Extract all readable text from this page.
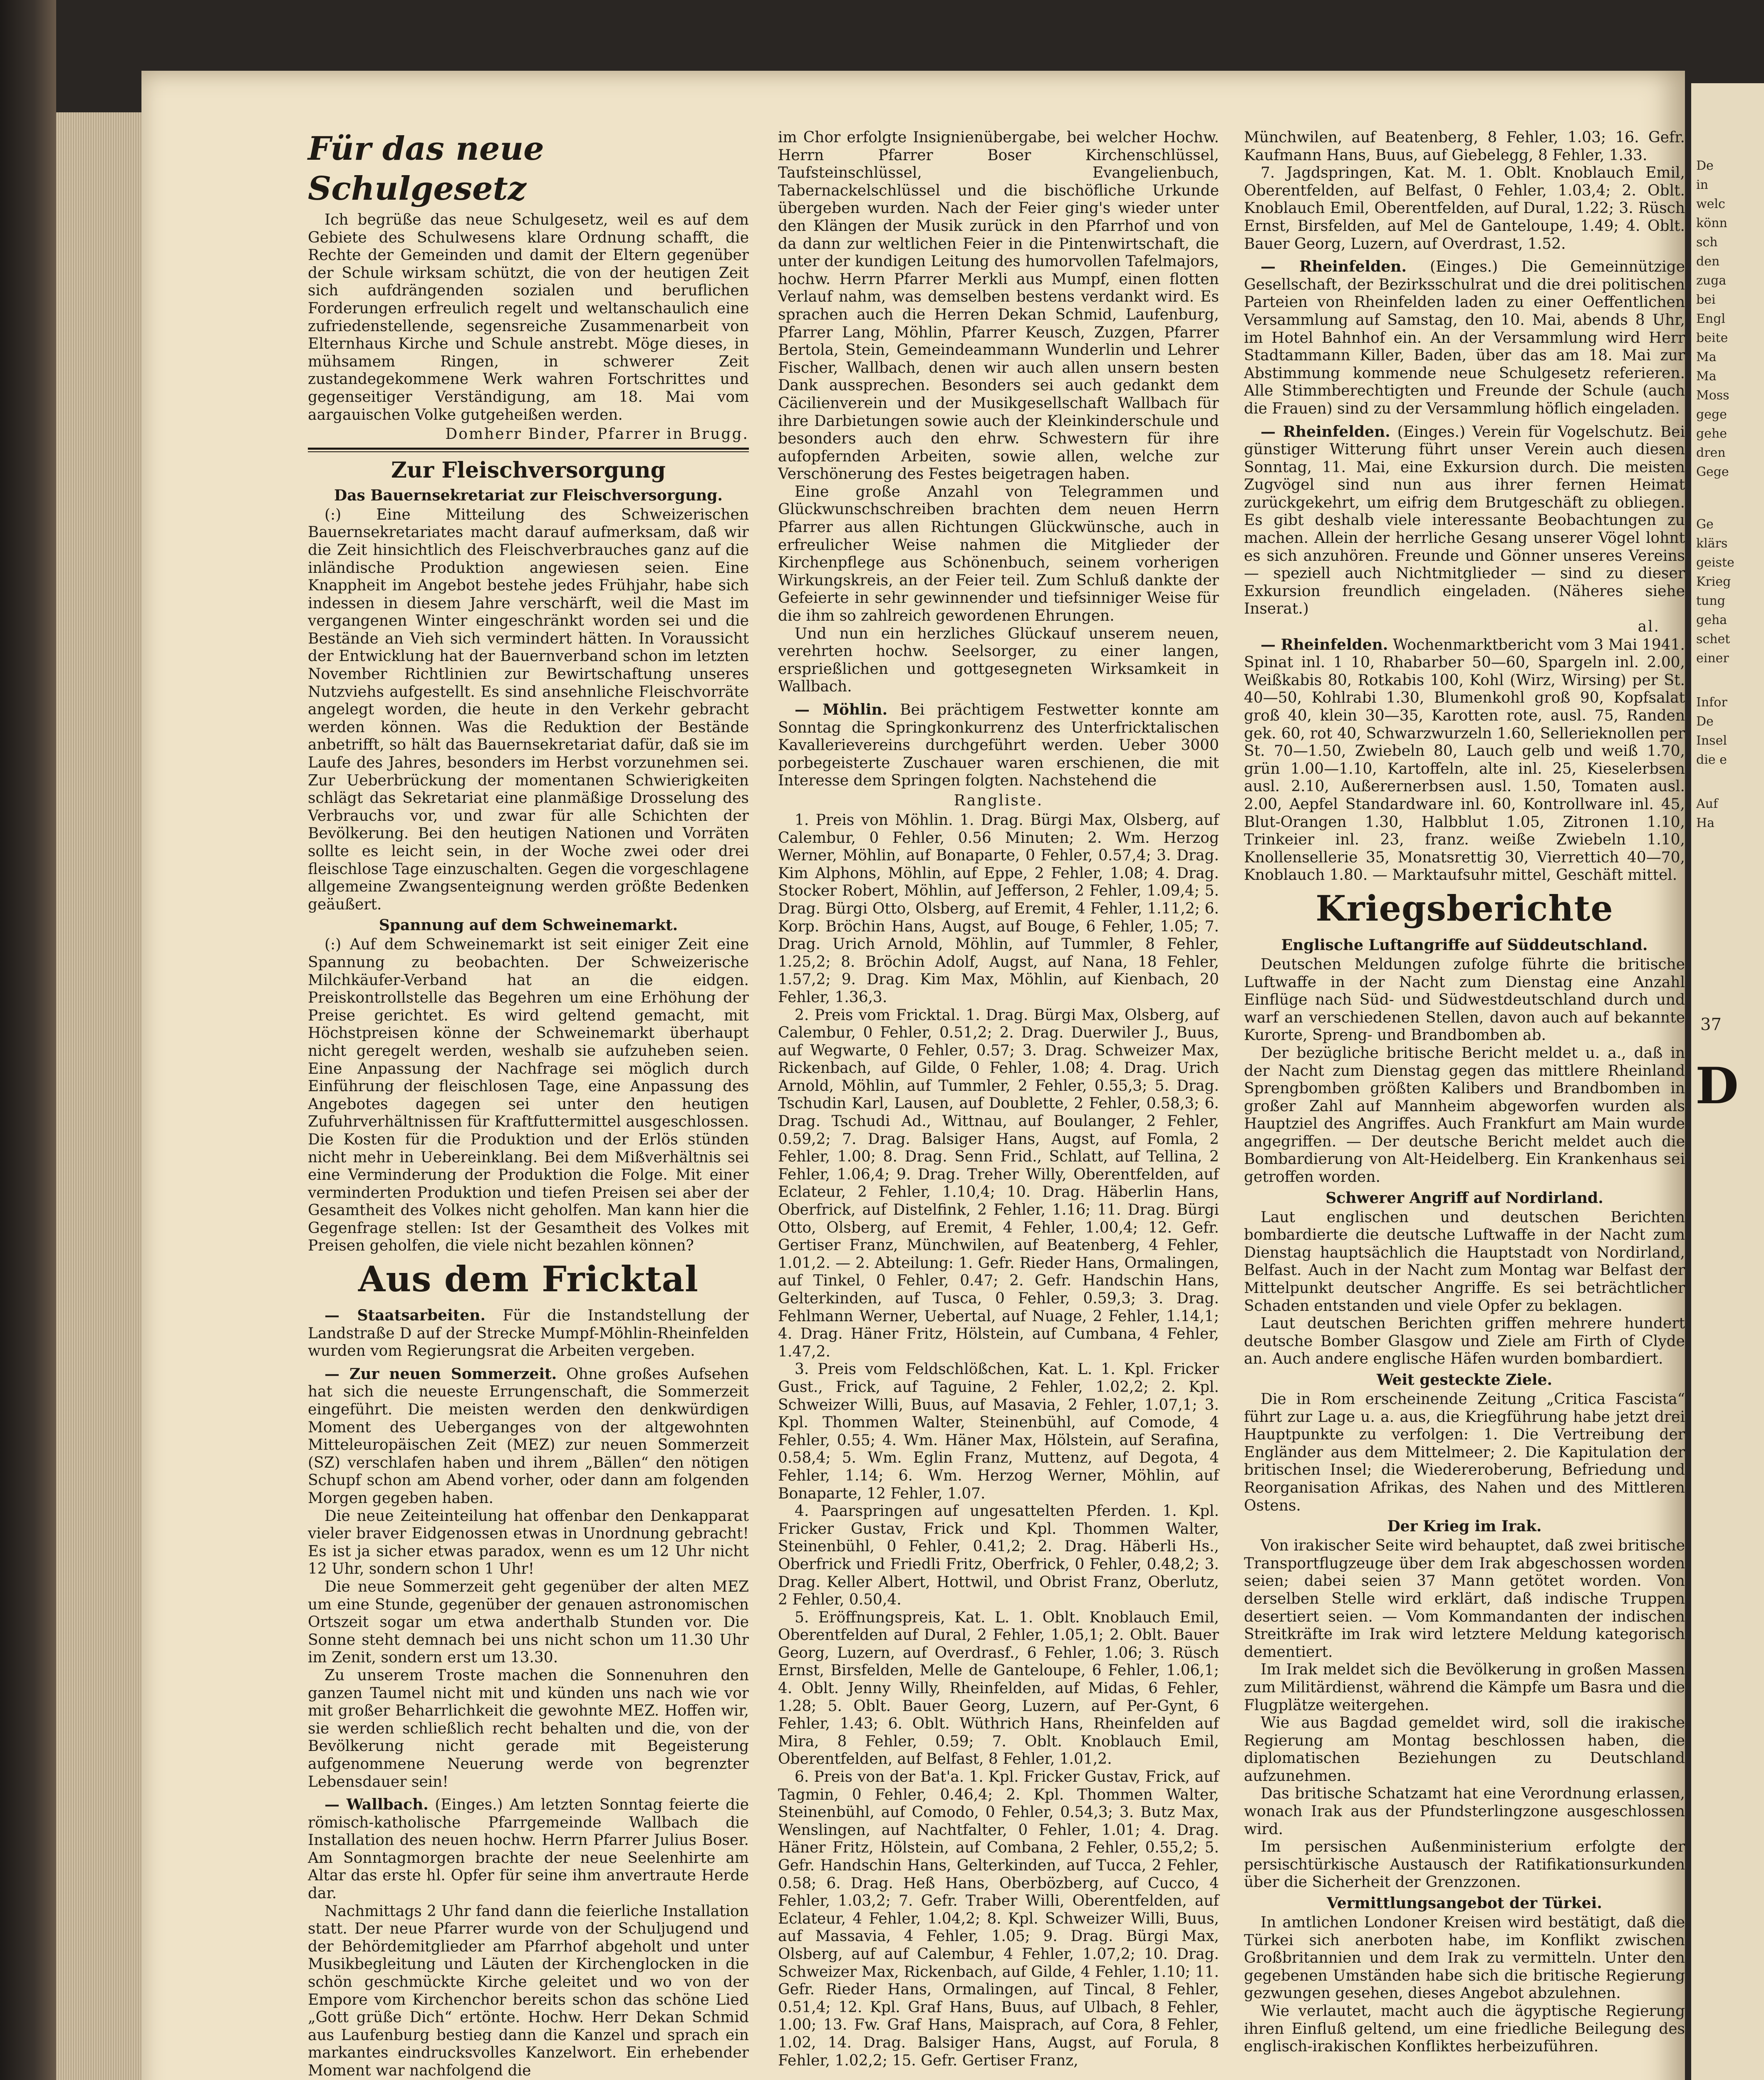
Für das neue Schulgesetz

Ich begrüße das neue Schulgesetz, weil es auf dem Gebiete des Schulwesens klare Ordnung schafft, die Rechte der Gemeinden und damit der Eltern gegenüber der Schule wirksam schützt, die von der heutigen Zeit sich aufdrängenden sozialen und beruflichen Forderungen erfreulich regelt und weltanschaulich eine zufriedenstellende, segensreiche Zusammenarbeit von Elternhaus Kirche und Schule anstrebt. Möge dieses, in mühsamem Ringen, in schwerer Zeit zustandegekommene Werk wahren Fortschrittes und gegenseitiger Verständigung, am 18. Mai vom aargauischen Volke gutgeheißen werden.

Domherr Binder, Pfarrer in Brugg.
Zur Fleischversorgung
Das Bauernsekretariat zur Fleischversorgung.

(:) Eine Mitteilung des Schweizerischen Bauernsekretariates macht darauf aufmerksam, daß wir die Zeit hinsichtlich des Fleischverbrauches ganz auf die inländische Produktion angewiesen seien. Eine Knappheit im Angebot bestehe jedes Frühjahr, habe sich indessen in diesem Jahre verschärft, weil die Mast im vergangenen Winter eingeschränkt worden sei und die Bestände an Vieh sich vermindert hätten. In Voraussicht der Entwicklung hat der Bauernverband schon im letzten November Richtlinien zur Bewirtschaftung unseres Nutzviehs aufgestellt. Es sind ansehnliche Fleischvorräte angelegt worden, die heute in den Verkehr gebracht werden können. Was die Reduktion der Bestände anbetrifft, so hält das Bauernsekretariat dafür, daß sie im Laufe des Jahres, besonders im Herbst vorzunehmen sei. Zur Ueberbrückung der momentanen Schwierigkeiten schlägt das Sekretariat eine planmäßige Drosselung des Verbrauchs vor, und zwar für alle Schichten der Bevölkerung. Bei den heutigen Nationen und Vorräten sollte es leicht sein, in der Woche zwei oder drei fleischlose Tage einzuschalten. Gegen die vorgeschlagene allgemeine Zwangsenteignung werden größte Bedenken geäußert.

Spannung auf dem Schweinemarkt.

(:) Auf dem Schweinemarkt ist seit einiger Zeit eine Spannung zu beobachten. Der Schweizerische Milchkäufer-Verband hat an die eidgen. Preiskontrollstelle das Begehren um eine Erhöhung der Preise gerichtet. Es wird geltend gemacht, mit Höchstpreisen könne der Schweinemarkt überhaupt nicht geregelt werden, weshalb sie aufzuheben seien. Eine Anpassung der Nachfrage sei möglich durch Einführung der fleischlosen Tage, eine Anpassung des Angebotes dagegen sei unter den heutigen Zufuhrverhältnissen für Kraftfuttermittel ausgeschlossen. Die Kosten für die Produktion und der Erlös stünden nicht mehr in Uebereinklang. Bei dem Mißverhältnis sei eine Verminderung der Produktion die Folge. Mit einer verminderten Produktion und tiefen Preisen sei aber der Gesamtheit des Volkes nicht geholfen. Man kann hier die Gegenfrage stellen: Ist der Gesamtheit des Volkes mit Preisen geholfen, die viele nicht bezahlen können?

Aus dem Fricktal

— Staatsarbeiten. Für die Instandstellung der Landstraße D auf der Strecke Mumpf-Möhlin-Rheinfelden wurden vom Regierungsrat die Arbeiten vergeben.

— Zur neuen Sommerzeit. Ohne großes Aufsehen hat sich die neueste Errungenschaft, die Sommerzeit eingeführt. Die meisten werden den denkwürdigen Moment des Ueberganges von der altgewohnten Mitteleuropäischen Zeit (MEZ) zur neuen Sommerzeit (SZ) verschlafen haben und ihrem „Bällen“ den nötigen Schupf schon am Abend vorher, oder dann am folgenden Morgen gegeben haben.

Die neue Zeiteinteilung hat offenbar den Denkapparat vieler braver Eidgenossen etwas in Unordnung gebracht! Es ist ja sicher etwas paradox, wenn es um 12 Uhr nicht 12 Uhr, sondern schon 1 Uhr!

Die neue Sommerzeit geht gegenüber der alten MEZ um eine Stunde, gegenüber der genauen astronomischen Ortszeit sogar um etwa anderthalb Stunden vor. Die Sonne steht demnach bei uns nicht schon um 11.30 Uhr im Zenit, sondern erst um 13.30.

Zu unserem Troste machen die Sonnenuhren den ganzen Taumel nicht mit und künden uns nach wie vor mit großer Beharrlichkeit die gewohnte MEZ. Hoffen wir, sie werden schließlich recht behalten und die, von der Bevölkerung nicht gerade mit Begeisterung aufgenommene Neuerung werde von begrenzter Lebensdauer sein!

— Wallbach. (Einges.) Am letzten Sonntag feierte die römisch-katholische Pfarrgemeinde Wallbach die Installation des neuen hochw. Herrn Pfarrer Julius Boser. Am Sonntagmorgen brachte der neue Seelenhirte am Altar das erste hl. Opfer für seine ihm anvertraute Herde dar.

Nachmittags 2 Uhr fand dann die feierliche Installation statt. Der neue Pfarrer wurde von der Schuljugend und der Behördemitglieder am Pfarrhof abgeholt und unter Musikbegleitung und Läuten der Kirchenglocken in die schön geschmückte Kirche geleitet und wo von der Empore vom Kirchenchor bereits schon das schöne Lied „Gott grüße Dich“ ertönte. Hochw. Herr Dekan Schmid aus Laufenburg bestieg dann die Kanzel und sprach ein markantes eindrucksvolles Kanzelwort. Ein erhebender Moment war nachfolgend die

im Chor erfolgte Insignienübergabe, bei welcher Hochw. Herrn Pfarrer Boser Kirchenschlüssel, Taufsteinschlüssel, Evangelienbuch, Tabernackelschlüssel und die bischöfliche Urkunde übergeben wurden. Nach der Feier ging's wieder unter den Klängen der Musik zurück in den Pfarrhof und von da dann zur weltlichen Feier in die Pintenwirtschaft, die unter der kundigen Leitung des humorvollen Tafelmajors, hochw. Herrn Pfarrer Merkli aus Mumpf, einen flotten Verlauf nahm, was demselben bestens verdankt wird. Es sprachen auch die Herren Dekan Schmid, Laufenburg, Pfarrer Lang, Möhlin, Pfarrer Keusch, Zuzgen, Pfarrer Bertola, Stein, Gemeindeammann Wunderlin und Lehrer Fischer, Wallbach, denen wir auch allen unsern besten Dank aussprechen. Besonders sei auch gedankt dem Cäcilienverein und der Musikgesellschaft Wallbach für ihre Darbietungen sowie auch der Kleinkinderschule und besonders auch den ehrw. Schwestern für ihre aufopfernden Arbeiten, sowie allen, welche zur Verschönerung des Festes beigetragen haben.

Eine große Anzahl von Telegrammen und Glückwunschschreiben brachten dem neuen Herrn Pfarrer aus allen Richtungen Glückwünsche, auch in erfreulicher Weise nahmen die Mitglieder der Kirchenpflege aus Schönenbuch, seinem vorherigen Wirkungskreis, an der Feier teil. Zum Schluß dankte der Gefeierte in sehr gewinnender und tiefsinniger Weise für die ihm so zahlreich gewordenen Ehrungen.

Und nun ein herzliches Glückauf unserem neuen, verehrten hochw. Seelsorger, zu einer langen, ersprießlichen und gottgesegneten Wirksamkeit in Wallbach.

— Möhlin. Bei prächtigem Festwetter konnte am Sonntag die Springkonkurrenz des Unterfricktalischen Kavallerievereins durchgeführt werden. Ueber 3000 porbegeisterte Zuschauer waren erschienen, die mit Interesse dem Springen folgten. Nachstehend die

Rangliste.

1. Preis von Möhlin. 1. Drag. Bürgi Max, Olsberg, auf Calembur, 0 Fehler, 0.56 Minuten; 2. Wm. Herzog Werner, Möhlin, auf Bonaparte, 0 Fehler, 0.57,4; 3. Drag. Kim Alphons, Möhlin, auf Eppe, 2 Fehler, 1.08; 4. Drag. Stocker Robert, Möhlin, auf Jefferson, 2 Fehler, 1.09,4; 5. Drag. Bürgi Otto, Olsberg, auf Eremit, 4 Fehler, 1.11,2; 6. Korp. Bröchin Hans, Augst, auf Bouge, 6 Fehler, 1.05; 7. Drag. Urich Arnold, Möhlin, auf Tummler, 8 Fehler, 1.25,2; 8. Bröchin Adolf, Augst, auf Nana, 18 Fehler, 1.57,2; 9. Drag. Kim Max, Möhlin, auf Kienbach, 20 Fehler, 1.36,3.

2. Preis vom Fricktal. 1. Drag. Bürgi Max, Olsberg, auf Calembur, 0 Fehler, 0.51,2; 2. Drag. Duerwiler J., Buus, auf Wegwarte, 0 Fehler, 0.57; 3. Drag. Schweizer Max, Rickenbach, auf Gilde, 0 Fehler, 1.08; 4. Drag. Urich Arnold, Möhlin, auf Tummler, 2 Fehler, 0.55,3; 5. Drag. Tschudin Karl, Lausen, auf Doublette, 2 Fehler, 0.58,3; 6. Drag. Tschudi Ad., Wittnau, auf Boulanger, 2 Fehler, 0.59,2; 7. Drag. Balsiger Hans, Augst, auf Fomla, 2 Fehler, 1.00; 8. Drag. Senn Frid., Schlatt, auf Tellina, 2 Fehler, 1.06,4; 9. Drag. Treher Willy, Oberentfelden, auf Eclateur, 2 Fehler, 1.10,4; 10. Drag. Häberlin Hans, Oberfrick, auf Distelfink, 2 Fehler, 1.16; 11. Drag. Bürgi Otto, Olsberg, auf Eremit, 4 Fehler, 1.00,4; 12. Gefr. Gertiser Franz, Münchwilen, auf Beatenberg, 4 Fehler, 1.01,2. — 2. Abteilung: 1. Gefr. Rieder Hans, Ormalingen, auf Tinkel, 0 Fehler, 0.47; 2. Gefr. Handschin Hans, Gelterkinden, auf Tusca, 0 Fehler, 0.59,3; 3. Drag. Fehlmann Werner, Uebertal, auf Nuage, 2 Fehler, 1.14,1; 4. Drag. Häner Fritz, Hölstein, auf Cumbana, 4 Fehler, 1.47,2.

3. Preis vom Feldschlößchen, Kat. L. 1. Kpl. Fricker Gust., Frick, auf Taguine, 2 Fehler, 1.02,2; 2. Kpl. Schweizer Willi, Buus, auf Masavia, 2 Fehler, 1.07,1; 3. Kpl. Thommen Walter, Steinenbühl, auf Comode, 4 Fehler, 0.55; 4. Wm. Häner Max, Hölstein, auf Serafina, 0.58,4; 5. Wm. Eglin Franz, Muttenz, auf Degota, 4 Fehler, 1.14; 6. Wm. Herzog Werner, Möhlin, auf Bonaparte, 12 Fehler, 1.07.

4. Paarspringen auf ungesattelten Pferden. 1. Kpl. Fricker Gustav, Frick und Kpl. Thommen Walter, Steinenbühl, 0 Fehler, 0.41,2; 2. Drag. Häberli Hs., Oberfrick und Friedli Fritz, Oberfrick, 0 Fehler, 0.48,2; 3. Drag. Keller Albert, Hottwil, und Obrist Franz, Oberlutz, 2 Fehler, 0.50,4.

5. Eröffnungspreis, Kat. L. 1. Oblt. Knoblauch Emil, Oberentfelden auf Dural, 2 Fehler, 1.05,1; 2. Oblt. Bauer Georg, Luzern, auf Overdrasf., 6 Fehler, 1.06; 3. Rüsch Ernst, Birsfelden, Melle de Ganteloupe, 6 Fehler, 1.06,1; 4. Oblt. Jenny Willy, Rheinfelden, auf Midas, 6 Fehler, 1.28; 5. Oblt. Bauer Georg, Luzern, auf Per-Gynt, 6 Fehler, 1.43; 6. Oblt. Wüthrich Hans, Rheinfelden auf Mira, 8 Fehler, 0.59; 7. Oblt. Knoblauch Emil, Oberentfelden, auf Belfast, 8 Fehler, 1.01,2.

6. Preis von der Bat'a. 1. Kpl. Fricker Gustav, Frick, auf Tagmin, 0 Fehler, 0.46,4; 2. Kpl. Thommen Walter, Steinenbühl, auf Comodo, 0 Fehler, 0.54,3; 3. Butz Max, Wenslingen, auf Nachtfalter, 0 Fehler, 1.01; 4. Drag. Häner Fritz, Hölstein, auf Combana, 2 Fehler, 0.55,2; 5. Gefr. Handschin Hans, Gelterkinden, auf Tucca, 2 Fehler, 0.58; 6. Drag. Heß Hans, Oberbözberg, auf Cucco, 4 Fehler, 1.03,2; 7. Gefr. Traber Willi, Oberentfelden, auf Eclateur, 4 Fehler, 1.04,2; 8. Kpl. Schweizer Willi, Buus, auf Massavia, 4 Fehler, 1.05; 9. Drag. Bürgi Max, Olsberg, auf auf Calembur, 4 Fehler, 1.07,2; 10. Drag. Schweizer Max, Rickenbach, auf Gilde, 4 Fehler, 1.10; 11. Gefr. Rieder Hans, Ormalingen, auf Tincal, 8 Fehler, 0.51,4; 12. Kpl. Graf Hans, Buus, auf Ulbach, 8 Fehler, 1.00; 13. Fw. Graf Hans, Maisprach, auf Cora, 8 Fehler, 1.02, 14. Drag. Balsiger Hans, Augst, auf Forula, 8 Fehler, 1.02,2; 15. Gefr. Gertiser Franz,

Münchwilen, auf Beatenberg, 8 Fehler, 1.03; 16. Gefr. Kaufmann Hans, Buus, auf Giebelegg, 8 Fehler, 1.33.

7. Jagdspringen, Kat. M. 1. Oblt. Knoblauch Emil, Oberentfelden, auf Belfast, 0 Fehler, 1.03,4; 2. Oblt. Knoblauch Emil, Oberentfelden, auf Dural, 1.22; 3. Rüsch Ernst, Birsfelden, auf Mel de Ganteloupe, 1.49; 4. Oblt. Bauer Georg, Luzern, auf Overdrast, 1.52.

— Rheinfelden. (Einges.) Die Gemeinnützige Gesellschaft, der Bezirksschulrat und die drei politischen Parteien von Rheinfelden laden zu einer Oeffentlichen Versammlung auf Samstag, den 10. Mai, abends 8 Uhr, im Hotel Bahnhof ein. An der Versammlung wird Herr Stadtammann Killer, Baden, über das am 18. Mai zur Abstimmung kommende neue Schulgesetz referieren. Alle Stimmberechtigten und Freunde der Schule (auch die Frauen) sind zu der Versammlung höflich eingeladen.

— Rheinfelden. (Einges.) Verein für Vogelschutz. Bei günstiger Witterung führt unser Verein auch diesen Sonntag, 11. Mai, eine Exkursion durch. Die meisten Zugvögel sind nun aus ihrer fernen Heimat zurückgekehrt, um eifrig dem Brutgeschäft zu obliegen. Es gibt deshalb viele interessante Beobachtungen zu machen. Allein der herrliche Gesang unserer Vögel lohnt es sich anzuhören. Freunde und Gönner unseres Vereins — speziell auch Nichtmitglieder — sind zu dieser Exkursion freundlich eingeladen. (Näheres siehe Inserat.)

al.

— Rheinfelden. Wochenmarktbericht vom 3 Mai 1941. Spinat inl. 1 10, Rhabarber 50—60, Spargeln inl. 2.00, Weißkabis 80, Rotkabis 100, Kohl (Wirz, Wirsing) per St. 40—50, Kohlrabi 1.30, Blumenkohl groß 90, Kopfsalat groß 40, klein 30—35, Karotten rote, ausl. 75, Randen gek. 60, rot 40, Schwarzwurzeln 1.60, Sellerieknollen per St. 70—1.50, Zwiebeln 80, Lauch gelb und weiß 1.70, grün 1.00—1.10, Kartoffeln, alte inl. 25, Kieselerbsen ausl. 2.10, Außerernerbsen ausl. 1.50, Tomaten ausl. 2.00, Aepfel Standardware inl. 60, Kontrollware inl. 45, Blut-Orangen 1.30, Halbblut 1.05, Zitronen 1.10, Trinkeier inl. 23, franz. weiße Zwiebeln 1.10, Knollensellerie 35, Monatsrettig 30, Vierrettich 40—70, Knoblauch 1.80. — Marktaufsuhr mittel, Geschäft mittel.

Kriegsberichte
Englische Luftangriffe auf Süddeutschland.

Deutschen Meldungen zufolge führte die britische Luftwaffe in der Nacht zum Dienstag eine Anzahl Einflüge nach Süd- und Südwestdeutschland durch und warf an verschiedenen Stellen, davon auch auf bekannte Kurorte, Spreng- und Brandbomben ab.

Der bezügliche britische Bericht meldet u. a., daß in der Nacht zum Dienstag gegen das mittlere Rheinland Sprengbomben größten Kalibers und Brandbomben in großer Zahl auf Mannheim abgeworfen wurden als Hauptziel des Angriffes. Auch Frankfurt am Main wurde angegriffen. — Der deutsche Bericht meldet auch die Bombardierung von Alt-Heidelberg. Ein Krankenhaus sei getroffen worden.

Schwerer Angriff auf Nordirland.

Laut englischen und deutschen Berichten bombardierte die deutsche Luftwaffe in der Nacht zum Dienstag hauptsächlich die Hauptstadt von Nordirland, Belfast. Auch in der Nacht zum Montag war Belfast der Mittelpunkt deutscher Angriffe. Es sei beträchtlicher Schaden entstanden und viele Opfer zu beklagen.

Laut deutschen Berichten griffen mehrere hundert deutsche Bomber Glasgow und Ziele am Firth of Clyde an. Auch andere englische Häfen wurden bombardiert.

Weit gesteckte Ziele.

Die in Rom erscheinende Zeitung „Critica Fascista“ führt zur Lage u. a. aus, die Kriegführung habe jetzt drei Hauptpunkte zu verfolgen: 1. Die Vertreibung der Engländer aus dem Mittelmeer; 2. Die Kapitulation der britischen Insel; die Wiedereroberung, Befriedung und Reorganisation Afrikas, des Nahen und des Mittleren Ostens.

Der Krieg im Irak.

Von irakischer Seite wird behauptet, daß zwei britische Transportflugzeuge über dem Irak abgeschossen worden seien; dabei seien 37 Mann getötet worden. Von derselben Stelle wird erklärt, daß indische Truppen desertiert seien. — Vom Kommandanten der indischen Streitkräfte im Irak wird letztere Meldung kategorisch dementiert.

Im Irak meldet sich die Bevölkerung in großen Massen zum Militärdienst, während die Kämpfe um Basra und die Flugplätze weitergehen.

Wie aus Bagdad gemeldet wird, soll die irakische Regierung am Montag beschlossen haben, die diplomatischen Beziehungen zu Deutschland aufzunehmen.

Das britische Schatzamt hat eine Verordnung erlassen, wonach Irak aus der Pfundsterlingzone ausgeschlossen wird.

Im persischen Außenministerium erfolgte der persischtürkische Austausch der Ratifikationsurkunden über die Sicherheit der Grenzzonen.

Vermittlungsangebot der Türkei.

In amtlichen Londoner Kreisen wird bestätigt, daß die Türkei sich anerboten habe, im Konflikt zwischen Großbritannien und dem Irak zu vermitteln. Unter den gegebenen Umständen habe sich die britische Regierung gezwungen gesehen, dieses Angebot abzulehnen.

Wie verlautet, macht auch die ägyptische Regierung ihren Einfluß geltend, um eine friedliche Beilegung des englisch-irakischen Konfliktes herbeizuführen.

De
in
welc
könn
sch
den
zuga
bei
Engl
beite
Ma
Ma
Moss
gege
gehe
dren
Gege
Ge
klärs
geiste
Krieg
tung
geha
schet
einer
Infor
De
Insel
die e
Auf
Ha
37
D
